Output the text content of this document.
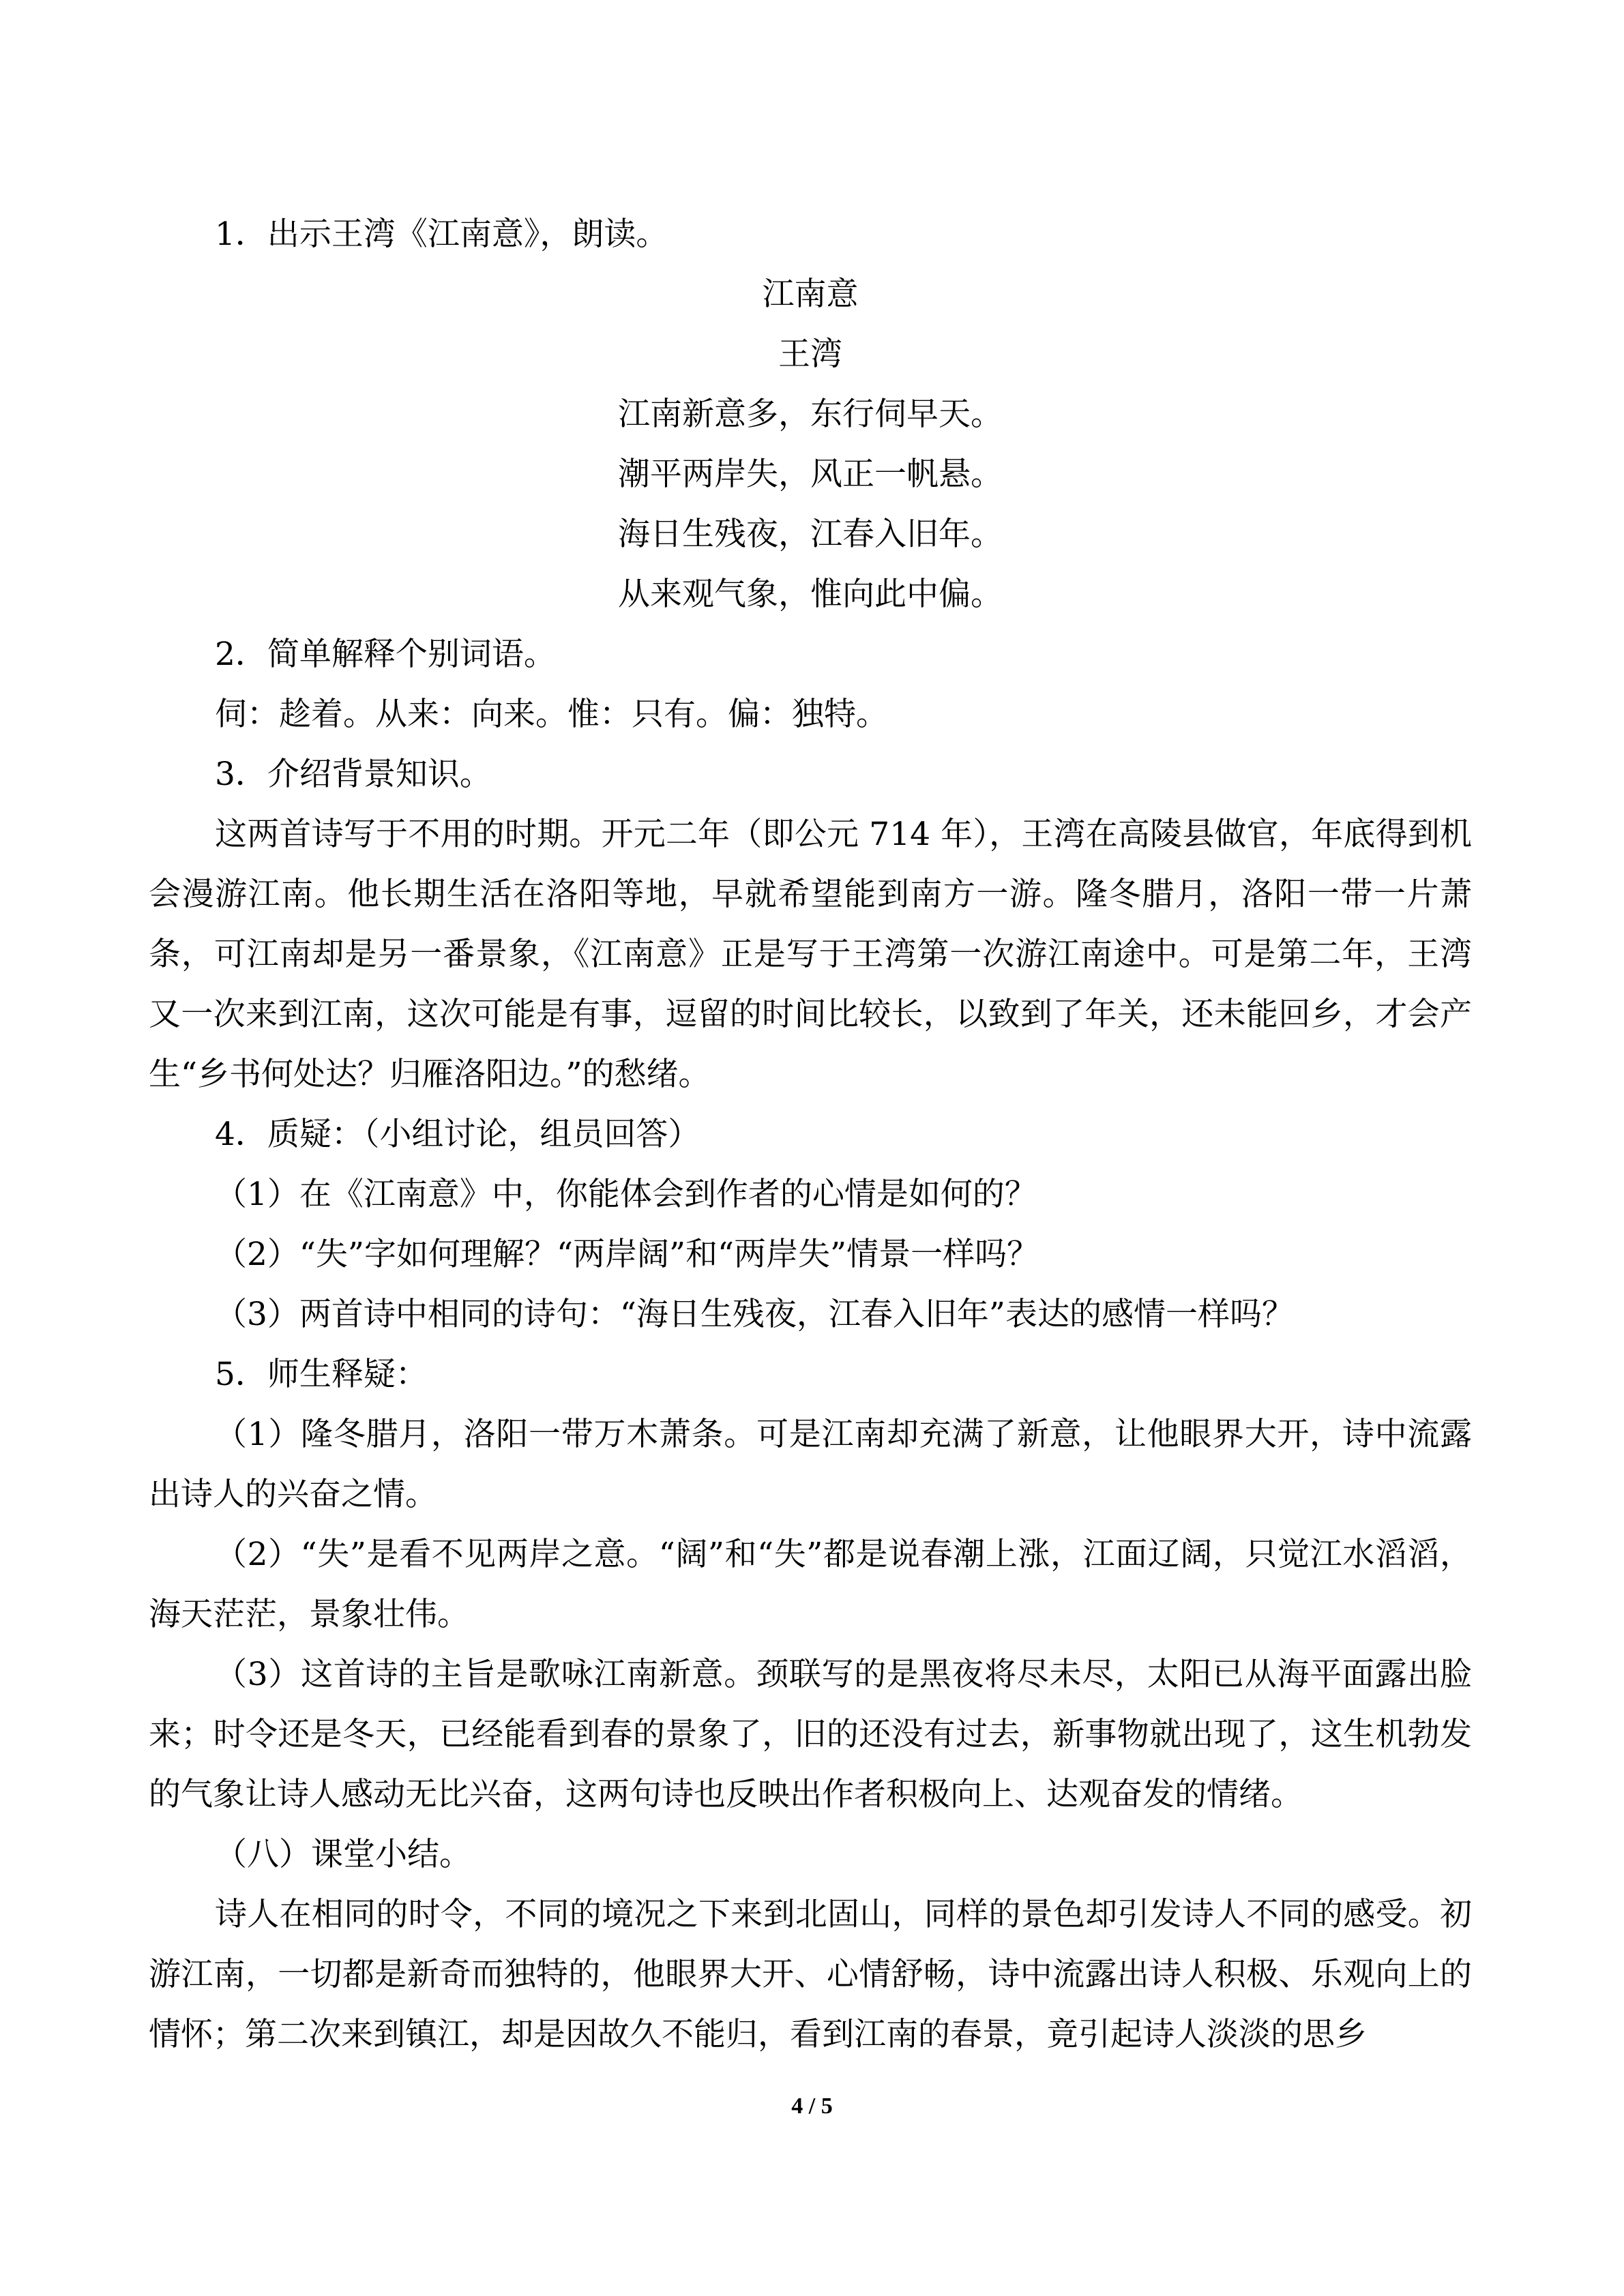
1．出示王湾《江南意》，朗读。
江南意
王湾
江南新意多，东行伺早天。
潮平两岸失，风正一帆悬。
海日生残夜，江春入旧年。
从来观气象，惟向此中偏。
2．简单解释个别词语。
伺：趁着。从来：向来。惟：只有。偏：独特。
3．介绍背景知识。
这两首诗写于不用的时期。开元二年（即公元 714 年），王湾在高陵县做官，年底得到机会漫游江南。他长期生活在洛阳等地，早就希望能到南方一游。隆冬腊月，洛阳一带一片萧条，可江南却是另一番景象，《江南意》正是写于王湾第一次游江南途中。可是第二年，王湾又一次来到江南，这次可能是有事，逗留的时间比较长，以致到了年关，还未能回乡，才会产生“乡书何处达？归雁洛阳边。”的愁绪。
4．质疑：（小组讨论，组员回答）
（1）在《江南意》中，你能体会到作者的心情是如何的？
（2）“失”字如何理解？“两岸阔”和“两岸失”情景一样吗？
（3）两首诗中相同的诗句：“海日生残夜，江春入旧年”表达的感情一样吗？
5．师生释疑：
（1）隆冬腊月，洛阳一带万木萧条。可是江南却充满了新意，让他眼界大开，诗中流露出诗人的兴奋之情。
（2）“失”是看不见两岸之意。“阔”和“失”都是说春潮上涨，江面辽阔，只觉江水滔滔，海天茫茫，景象壮伟。
（3）这首诗的主旨是歌咏江南新意。颈联写的是黑夜将尽未尽，太阳已从海平面露出脸来；时令还是冬天，已经能看到春的景象了，旧的还没有过去，新事物就出现了，这生机勃发的气象让诗人感动无比兴奋，这两句诗也反映出作者积极向上、达观奋发的情绪。
（八）课堂小结。
诗人在相同的时令，不同的境况之下来到北固山，同样的景色却引发诗人不同的感受。初游江南，一切都是新奇而独特的，他眼界大开、心情舒畅，诗中流露出诗人积极、乐观向上的情怀；第二次来到镇江，却是因故久不能归，看到江南的春景，竟引起诗人淡淡的思乡
4 / 5
